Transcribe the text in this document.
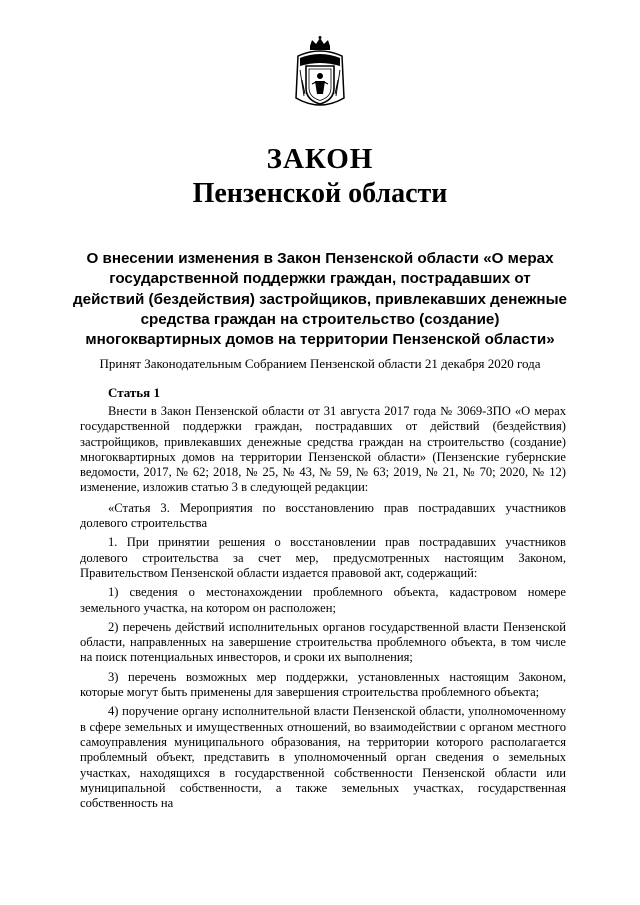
ЗАКОН
Пензенской области
О внесении изменения в Закон Пензенской области «О мерах государственной поддержки граждан, пострадавших от действий (бездействия) застройщиков, привлекавших денежные средства граждан на строительство (создание) многоквартирных домов на территории Пензенской области»
Принят Законодательным Собранием Пензенской области 21 декабря 2020 года
Статья 1

Внести в Закон Пензенской области от 31 августа 2017 года № 3069-ЗПО «О мерах государственной поддержки граждан, пострадавших от действий (бездействия) застройщиков, привлекавших денежные средства граждан на строительство (создание) многоквартирных домов на территории Пензенской области» (Пензенские губернские ведомости, 2017, № 62; 2018, № 25, № 43, № 59, № 63; 2019, № 21, № 70; 2020, № 12) изменение, изложив статью 3 в следующей редакции:

«Статья 3. Мероприятия по восстановлению прав пострадавших участников долевого строительства

1. При принятии решения о восстановлении прав пострадавших участников долевого строительства за счет мер, предусмотренных настоящим Законом, Правительством Пензенской области издается правовой акт, содержащий:

1) сведения о местонахождении проблемного объекта, кадастровом номере земельного участка, на котором он расположен;

2) перечень действий исполнительных органов государственной власти Пензенской области, направленных на завершение строительства проблемного объекта, в том числе на поиск потенциальных инвесторов, и сроки их выполнения;

3) перечень возможных мер поддержки, установленных настоящим Законом, которые могут быть применены для завершения строительства проблемного объекта;

4) поручение органу исполнительной власти Пензенской области, уполномоченному в сфере земельных и имущественных отношений, во взаимодействии с органом местного самоуправления муниципального образования, на территории которого располагается проблемный объект, представить в уполномоченный орган сведения о земельных участках, находящихся в государственной собственности Пензенской области или муниципальной собственности, а также земельных участках, государственная собственность на
